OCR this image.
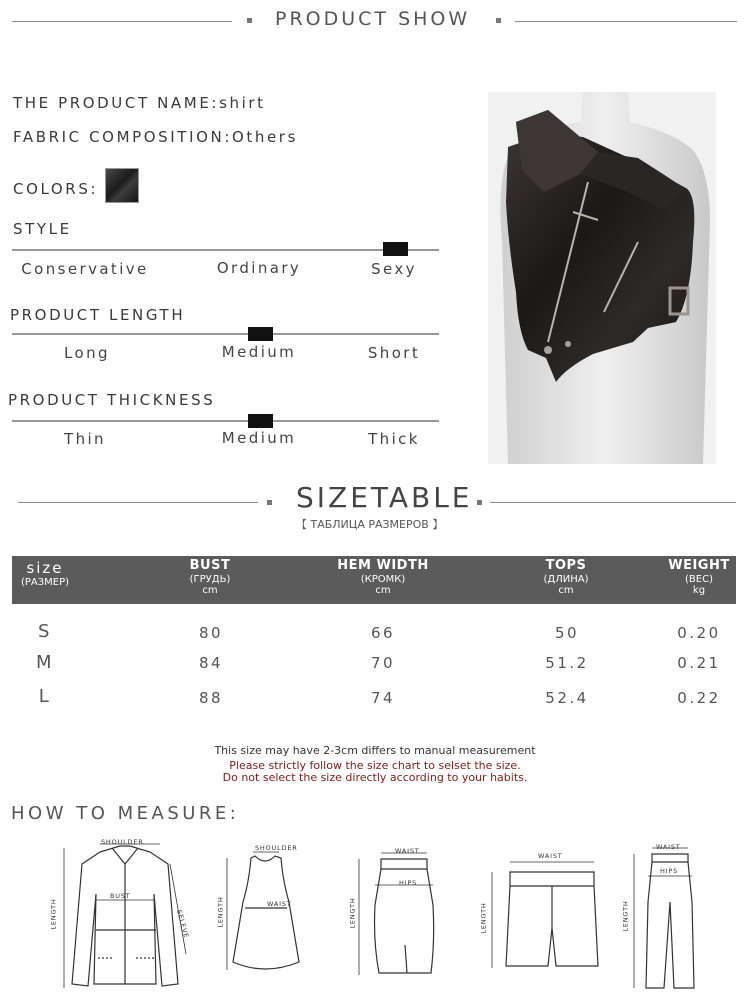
PRODUCT SHOW
THE PRODUCT NAME:shirt
FABRIC COMPOSITION:Others
COLORS:
STYLE
Conservative	Ordinary	Sexy
PRODUCT LENGTH
Long	Medium	Short
PRODUCT THICKNESS
Thin	Medium	Thick
SIZETABLE
【 ТАБЛИЦА РАЗМЕРОВ 】
size
(РАЗМЕР)
BUST
(ГРУДЬ)
cm
HEM WIDTH
(КРОМК)
cm
TOPS
(ДЛИНА)
cm
WEIGHT
(ВЕС)
kg
S	80	66	50	0.20
M	84	70	51.2	0.21
L	88	74	52.4	0.22
This size may have 2-3cm differs to manual measurement
Please strictly follow the size chart to selset the size.
Do not select the size directly according to your habits.
HOW TO MEASURE:
SHOULDER
BUST
LENGTH	SELEVE
SHOULDER
WAIST
LENGTH
WAIST
HIPS
LENGTH
WAIST
LENGTH
WAIST
HIPS
LENGTH
